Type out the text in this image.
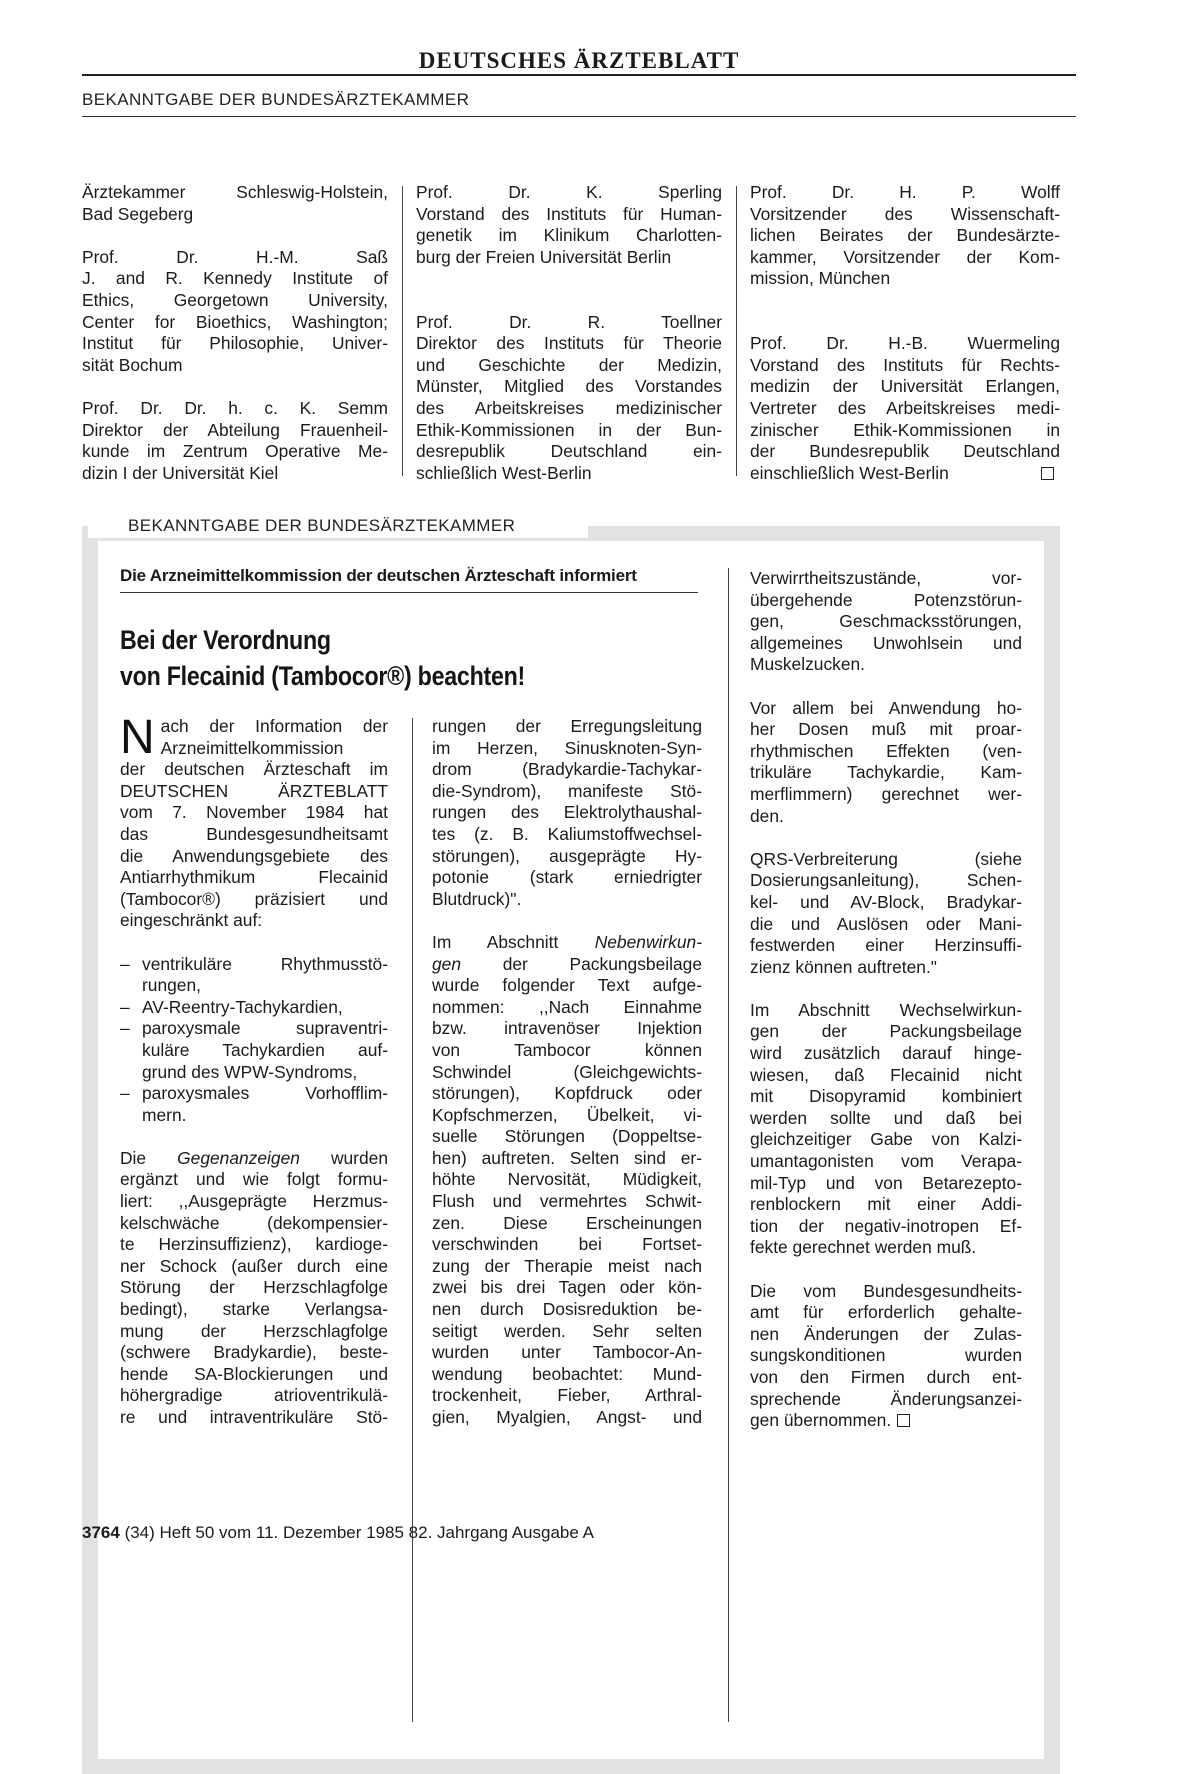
DEUTSCHES ÄRZTEBLATT
BEKANNTGABE DER BUNDESÄRZTEKAMMER
Ärztekammer Schleswig-Holstein,
Bad Segeberg
Prof. Dr. H.-M. Saß
J. and R. Kennedy Institute of
Ethics, Georgetown University,
Center for Bioethics, Washington;
Institut für Philosophie, Univer-
sität Bochum
Prof. Dr. Dr. h. c. K. Semm
Direktor der Abteilung Frauenheil-
kunde im Zentrum Operative Me-
dizin I der Universität Kiel
Prof. Dr. K. Sperling
Vorstand des Instituts für Human-
genetik im Klinikum Charlotten-
burg der Freien Universität Berlin

Prof. Dr. R. Toellner
Direktor des Instituts für Theorie
und Geschichte der Medizin,
Münster, Mitglied des Vorstandes
des Arbeitskreises medizinischer
Ethik-Kommissionen in der Bun-
desrepublik Deutschland ein-
schließlich West-Berlin
Prof. Dr. H. P. Wolff
Vorsitzender des Wissenschaft-
lichen Beirates der Bundesärzte-
kammer, Vorsitzender der Kom-
mission, München

Prof. Dr. H.-B. Wuermeling
Vorstand des Instituts für Rechts-
medizin der Universität Erlangen,
Vertreter des Arbeitskreises medi-
zinischer Ethik-Kommissionen in
der Bundesrepublik Deutschland
einschließlich West-Berlin
BEKANNTGABE DER BUNDESÄRZTEKAMMER
Die Arzneimittelkommission der deutschen Ärzteschaft informiert
Bei der Verordnung
von Flecainid (Tambocor®) beachten!
N ach der Information der
Arzneimittelkommission
der deutschen Ärzteschaft im
DEUTSCHEN ÄRZTEBLATT
vom 7. November 1984 hat
das Bundesgesundheitsamt
die Anwendungsgebiete des
Antiarrhythmikum Flecainid
(Tambocor®) präzisiert und
eingeschränkt auf:
– ventrikuläre Rhythmusstö-
rungen,
– AV-Reentry-Tachykardien,
– paroxysmale supraventri-
kuläre Tachykardien auf-
grund des WPW-Syndroms,
– paroxysmales Vorhofflim-
mern.
Die Gegenanzeigen wurden
ergänzt und wie folgt formu-
liert: ,,Ausgeprägte Herzmus-
kelschwäche (dekompensier-
te Herzinsuffizienz), kardioge-
ner Schock (außer durch eine
Störung der Herzschlagfolge
bedingt), starke Verlangsa-
mung der Herzschlagfolge
(schwere Bradykardie), beste-
hende SA-Blockierungen und
höhergradige atrioventrikulä-
re und intraventrikuläre Stö-
rungen der Erregungsleitung
im Herzen, Sinusknoten-Syn-
drom (Bradykardie-Tachykar-
die-Syndrom), manifeste Stö-
rungen des Elektrolythaushal-
tes (z. B. Kaliumstoffwechsel-
störungen), ausgeprägte Hy-
potonie (stark erniedrigter
Blutdruck)".
Im Abschnitt Nebenwirkun-
gen der Packungsbeilage
wurde folgender Text aufge-
nommen: ,,Nach Einnahme
bzw. intravenöser Injektion
von Tambocor können
Schwindel (Gleichgewichts-
störungen), Kopfdruck oder
Kopfschmerzen, Übelkeit, vi-
suelle Störungen (Doppeltse-
hen) auftreten. Selten sind er-
höhte Nervosität, Müdigkeit,
Flush und vermehrtes Schwit-
zen. Diese Erscheinungen
verschwinden bei Fortset-
zung der Therapie meist nach
zwei bis drei Tagen oder kön-
nen durch Dosisreduktion be-
seitigt werden. Sehr selten
wurden unter Tambocor-An-
wendung beobachtet: Mund-
trockenheit, Fieber, Arthral-
gien, Myalgien, Angst- und
Verwirrtheitszustände, vor-
übergehende Potenzstörun-
gen, Geschmacksstörungen,
allgemeines Unwohlsein und
Muskelzucken.
Vor allem bei Anwendung ho-
her Dosen muß mit proar-
rhythmischen Effekten (ven-
trikuläre Tachykardie, Kam-
merflimmern) gerechnet wer-
den.
QRS-Verbreiterung (siehe
Dosierungsanleitung), Schen-
kel- und AV-Block, Bradykar-
die und Auslösen oder Mani-
festwerden einer Herzinsuffi-
zienz können auftreten."
Im Abschnitt Wechselwirkun-
gen der Packungsbeilage
wird zusätzlich darauf hinge-
wiesen, daß Flecainid nicht
mit Disopyramid kombiniert
werden sollte und daß bei
gleichzeitiger Gabe von Kalzi-
umantagonisten vom Verapa-
mil-Typ und von Betarezepto-
renblockern mit einer Addi-
tion der negativ-inotropen Ef-
fekte gerechnet werden muß.
Die vom Bundesgesundheits-
amt für erforderlich gehalte-
nen Änderungen der Zulas-
sungskonditionen wurden
von den Firmen durch ent-
sprechende Änderungsanzei-
gen übernommen.
3764 (34) Heft 50 vom 11. Dezember 1985 82. Jahrgang Ausgabe A
